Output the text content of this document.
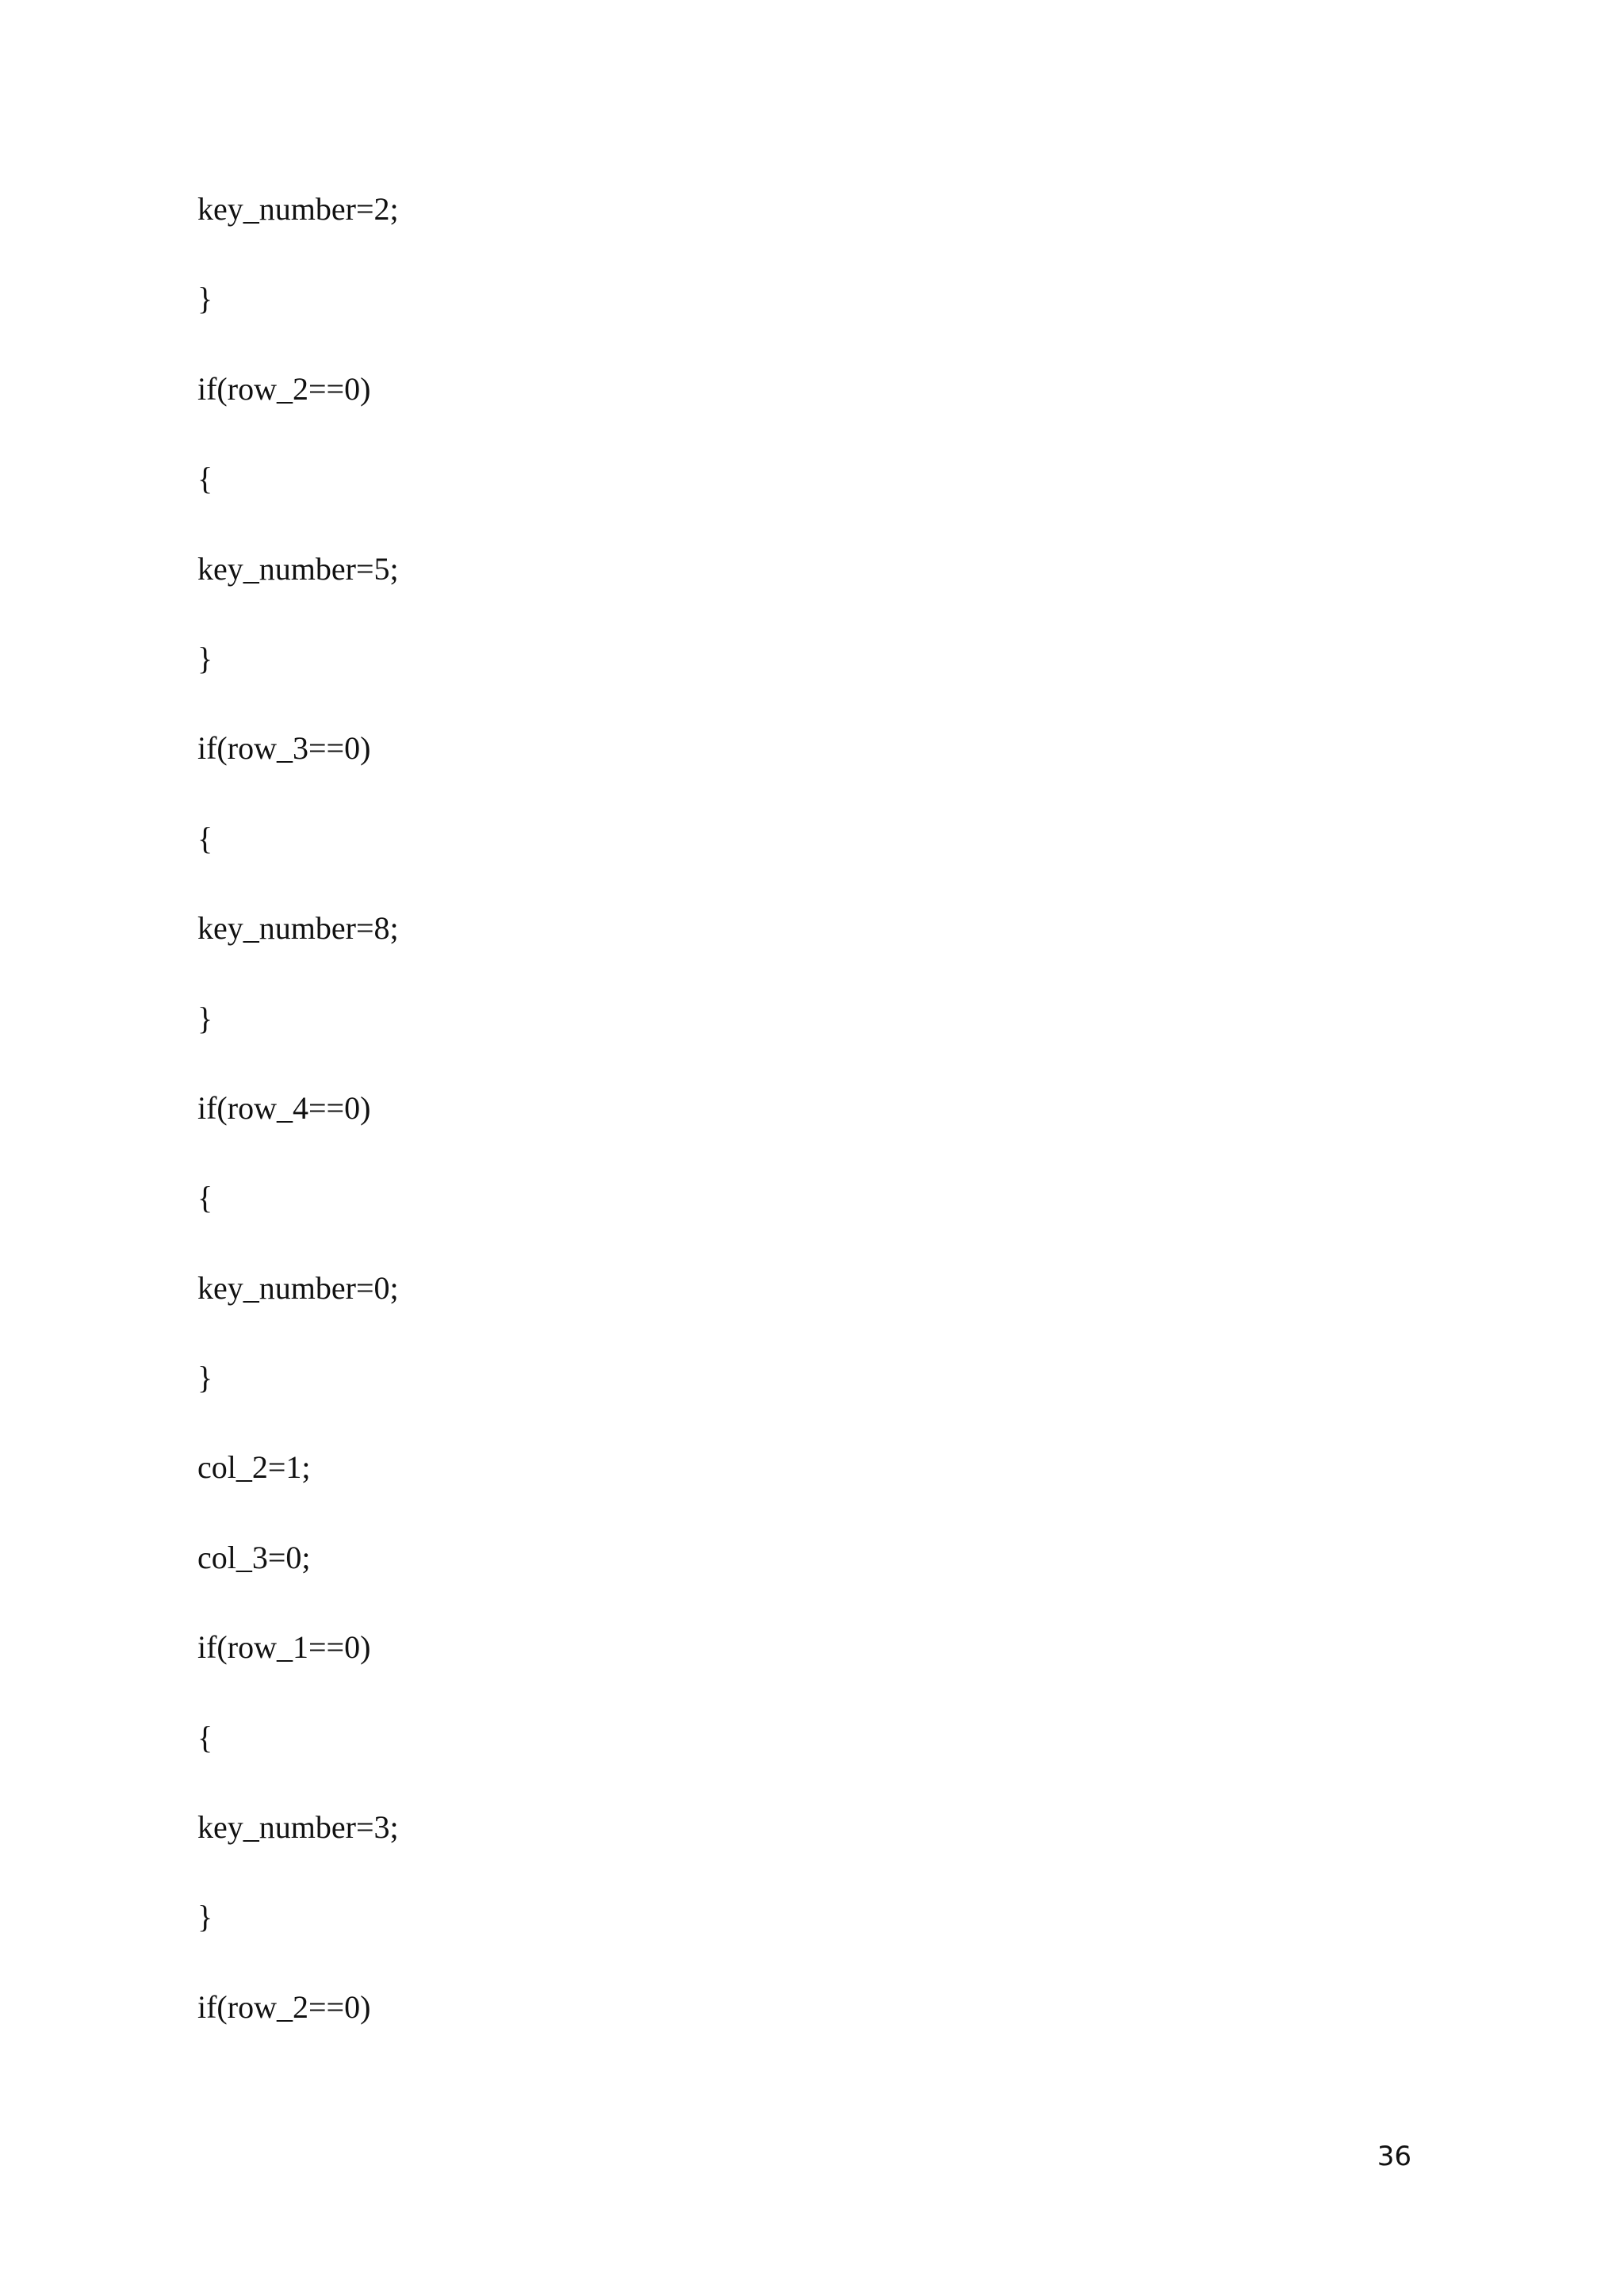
key_number=2;
}
if(row_2==0)
{
key_number=5;
}
if(row_3==0)
{
key_number=8;
}
if(row_4==0)
{
key_number=0;
}
col_2=1;
col_3=0;
if(row_1==0)
{
key_number=3;
}
if(row_2==0)
36
